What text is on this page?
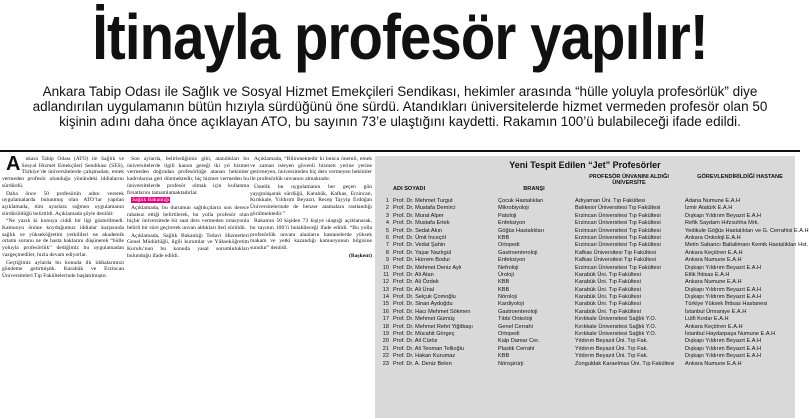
İtinayla profesör yapılır!
Ankara Tabip Odası ile Sağlık ve Sosyal Hizmet Emekçileri Sendikası, hekimler arasında “hülle yoluyla profesörlük” diye adlandırılan uygulamanın bütün hızıyla sürdüğünü öne sürdü. Atandıkları üniversitelerde hizmet vermeden profesör olan 50 kişinin adını daha önce açıklayan ATO, bu sayının 73’e ulaştığını kaydetti. Rakamın 100’ü bulabileceği ifade edildi.

Ankara Tabip Odası (ATO) ile Sağlık ve Sosyal Hizmet Emekçileri Sendikası (SES), Türkiye’de üniversitelerde çalışmadan, emek vermeden profesör olunduğu yönündeki iddialarını sürdürdü.

Daha önce 50 profesörün adını vererek uygulamalarda bulunmuş olan ATO’lar yapılan açıklamada, tüm ayarlara rağmen uygulamanın sürdürüldüğü belirtildi. Açıklamada şöyle denildi:

“Ne yazık ki konuya ciddi bir ilgi gösterilmedi. Kamuoyu önüne koyduğumuz iddialar karşısında sağlık ve yükseköğretim yetkilileri ne akademik ortamı sorunu ne de hasta haklarını düşünerek “hülle yoluyla profesörlük” dediğimiz bu uygulamadan vazgeçmediler, hızla devam ediyorlar.

Geçtiğimiz aylarda bu konuda ilk iddialarımızı gündeme getirmiştik. Karabük ve Erzincan Üniversiteleri Tıp Fakültelerinde başlatılmıştır.

Son aylarda, belirlediğimiz gibi, atandıkları bu üniversitelerde ilgili kanun gereği iki yıl hizmet vermeden doğrudan profesörlüğe atanan hekimler kadrolarına geri dönmektedir, hiç hizmet vermeden bu üniversitelerde profesör olmak için kullanma fırsatlarını tamamlamaktadırlar.

Sağlık Bakanlığı

Açıklamada, bu durumun sağlıkçıların son derece rahatsız ettiği belirtilerek, bu yolla profesör olan hiçbir üniversitede bir saat ders vermeden rotasyonla belirli bir süre geçirerek unvan aldıkları ileri sürüldü.

Açıklamada, Sağlık Bakanlığı Tedavi Hizmetleri Genel Müdürlüğü, ilgili kurumlar ve Yükseköğretim Kurulu’nun bu konuda yasal sorumlulukları bulunduğu ifade edildi.

Açıklamada, “Bilinmektedir ki bunca önemli, emek ve zaman isteyen güvenli hizmeti yerine yerine getirmeyen, üniversiteden hiç ders vermeyen hekimler ile profesörlük unvanını almaktadır.

Üstelik bu uygulamanın her geçen gün yaygınlaşarak sürdüğü, Karabük, Kafkas, Erzincan, Kırıkkale, Yıldırım Beyazıt, Recep Tayyip Erdoğan Üniversitelerinde de benzer atamalara rastlandığı görülmektedir.”

Rakamın 50 kişiden 73 kişiye ulaştığı açıklanarak, bu sayının 100’ü bulabileceği ifade edildi. “Bu yolla profesörlük unvanı alanların hastanelerde yüksek makam ve yetki kazandığı kamuoyunun bilgisine sunulur” denildi.

(Başkent)

Yeni Tespit Edilen “Jet” Profesörler
ADI SOYADI	BRANŞI
PROFESÖR ÜNVANINI ALDIĞI ÜNİVERSİTE
GÖREVLENDİRİLDİĞİ HASTANE
1 Prof. Dr. Mehmet Turgut	Çocuk Hastalıkları	Adıyaman Üni. Tıp Fakültesi	Adana Numune E.A.H
2 Prof. Dr. Mustafa Demirci	Mikrobiyoloji	Balıkesir Üniversitesi Tıp Fakültesi	İzmir Atatürk E.A.H
3 Prof. Dr. Murat Alper	Patoloji	Erzincan Üniversitesi Tıp Fakültesi	Dışkapı Yıldırım Beyazıt E.A.H
4 Prof. Dr. Mustafa Ertek	Enfeksiyon	Erzincan Üniversitesi Tıp Fakültesi	Refik Saydam Hıfzısıhha Mrk.
5 Prof. Dr. Sedat Akın	Göğüs Hastalıkları	Erzincan Üniversitesi Tıp Fakültesi	Yedikule Göğüs Hastalıkları ve G. Cerrahisi E.A.H
6 Prof. Dr. Ümit İnceçöl	KBB	Erzincan Üniversitesi Tıp Fakültesi	Ankara Onkoloji E.A.H
7 Prof. Dr. Vedat Şahin	Ortopedi	Erzincan Üniversitesi Tıp Fakültesi	Metin Sabancı Baltalimanı Kemik Hastalıkları Hst.
8 Prof. Dr. Yaşar Nazlıgül	Gastroenteroloji	Kafkas Üniversitesi Tıp Fakültesi	Ankara Keçiören E.A.H
9 Prof. Dr. Hürrem Bodur	Enfeksiyon	Kafkas Üniversitesi Tıp Fakültesi	Ankara Numune E.A.H
10 Prof. Dr. Mehmet Deniz Aylı	Nefroloji	Erzincan Üniversitesi Tıp Fakültesi	Dışkapı Yıldırım Beyazıt E.A.H
11 Prof. Dr. Ali Atan	Üroloji	Karabük Üni. Tıp Fakültesi	Etlik İhtisas E.A.H
12 Prof. Dr. Ali Özdek	KBB	Karabük Üni. Tıp Fakültesi	Ankara Numune E.A.H
13 Prof. Dr. Ali Ünal	KBB	Karabük Üni. Tıp Fakültesi	Dışkapı Yıldırım Beyazıt E.A.H
14 Prof. Dr. Selçuk Çomoğlu	Nöroloji	Karabük Üni. Tıp Fakültesi	Dışkapı Yıldırım Beyazıt E.A.H
15 Prof. Dr. Sinan Aydoğdu	Kardiyoloji	Karabük Üni. Tıp Fakültesi	Türkiye Yüksek İhtisas Hastanesi
16 Prof. Dr. Hacı Mehmet Sökmen	Gastroenteroloji	Karabük Üni. Tıp Fakültesi	İstanbul Ümraniye E.A.H
17 Prof. Dr. Mehmet Gümüş	Tıbbi Onkoloji	Kırıkkale Üniversitesi Sağlık Y.O.	Lütfi Kırdar E.A.H
18 Prof. Dr. Mehmet Refet Yiğitbaşı	Genel Cerrahi	Kırıkkale Üniversitesi Sağlık Y.O.	Ankara Keçiören E.A.H
19 Prof. Dr. Mücahit Görgeç	Ortopedi	Kırıkkale Üniversitesi Sağlık Y.O.	İstanbul Haydarpaşa Numune E.A.H
20 Prof. Dr. Ali Cüröz	Kalp Damar Cer.	Yıldırım Beyazıt Üni. Tıp Fak.	Dışkapı Yıldırım Beyazıt E.A.H
21 Prof. Dr. Ali Teoman Tellioğlu	Plastik Cerrahi	Yıldırım Beyazıt Üni. Tıp Fak.	Dışkapı Yıldırım Beyazıt E.A.H
22 Prof. Dr. Hakan Kurumaz	KBB	Yıldırım Beyazıt Üni. Tıp Fak.	Dışkapı Yıldırım Beyazıt E.A.H
23 Prof. Dr. A. Deniz Belen	Nöroşirürji	Zonguldak Karaelmas Üni. Tıp Fakültesi	Ankara Numune E.A.H
